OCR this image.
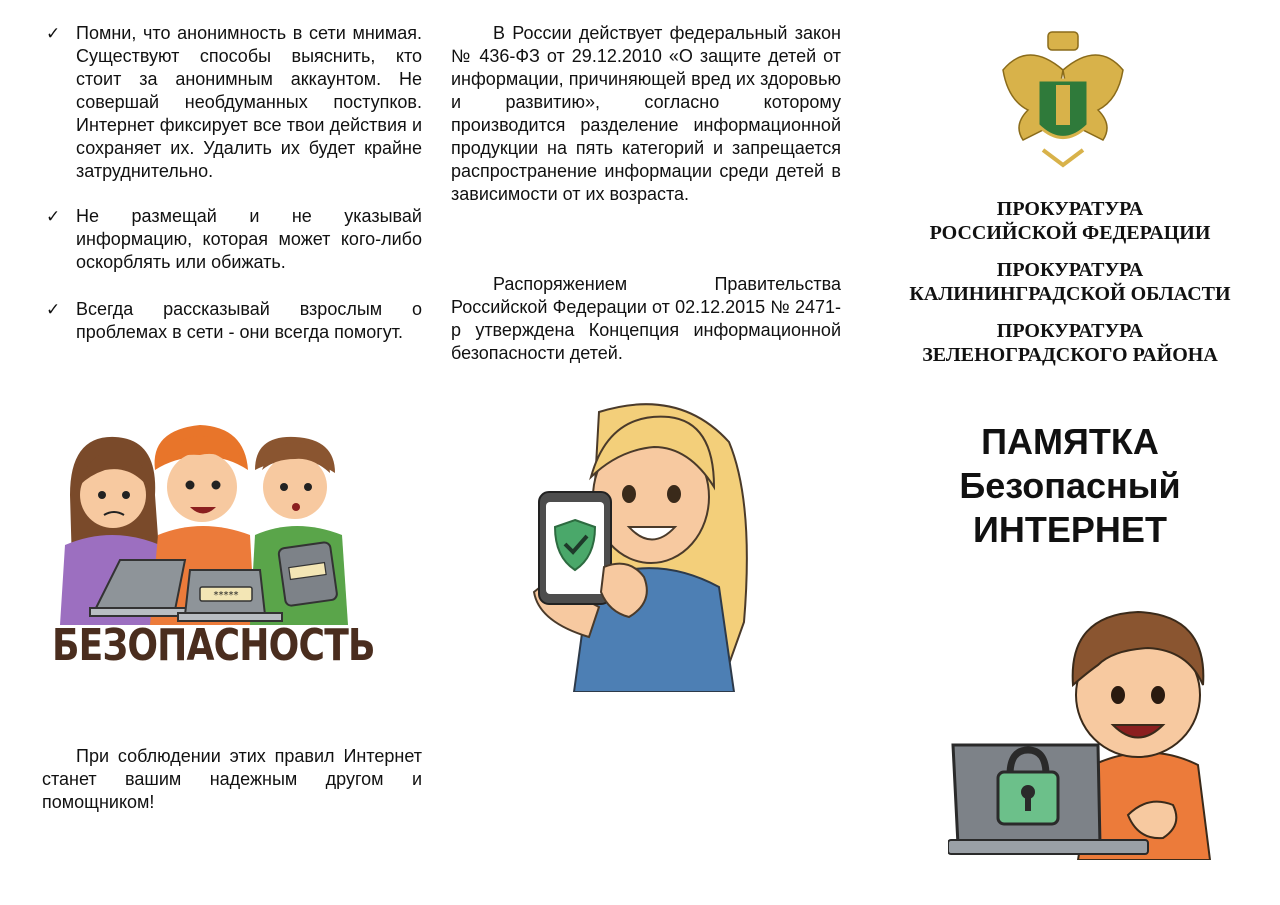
✓ Помни, что анонимность в сети мнимая. Существуют способы выяснить, кто стоит за анонимным аккаунтом. Не совершай необдуманных поступков. Интернет фиксирует все твои действия и сохраняет их. Удалить их будет крайне затруднительно.
✓ Не размещай и не указывай информацию, которая может кого-либо оскорблять или обижать.
✓ Всегда рассказывай взрослым о проблемах в сети - они всегда помогут.
*****
БЕЗОПАСНОСТЬ

При соблюдении этих правил Интернет станет вашим надежным другом и помощником!

В России действует федеральный закон № 436-ФЗ от 29.12.2010 «О защите детей от информации, причиняющей вред их здоровью и развитию», согласно которому производится разделение информационной продукции на пять категорий и запрещается распространение информации среди детей в зависимости от их возраста.

Распоряжением Правительства Российской Федерации от 02.12.2015 № 2471-р утверждена Концепция информационной безопасности детей.

ПРОКУРАТУРА
РОССИЙСКОЙ ФЕДЕРАЦИИ
ПРОКУРАТУРА
КАЛИНИНГРАДСКОЙ ОБЛАСТИ
ПРОКУРАТУРА
ЗЕЛЕНОГРАДСКОГО РАЙОНА
ПАМЯТКА
Безопасный
ИНТЕРНЕТ
